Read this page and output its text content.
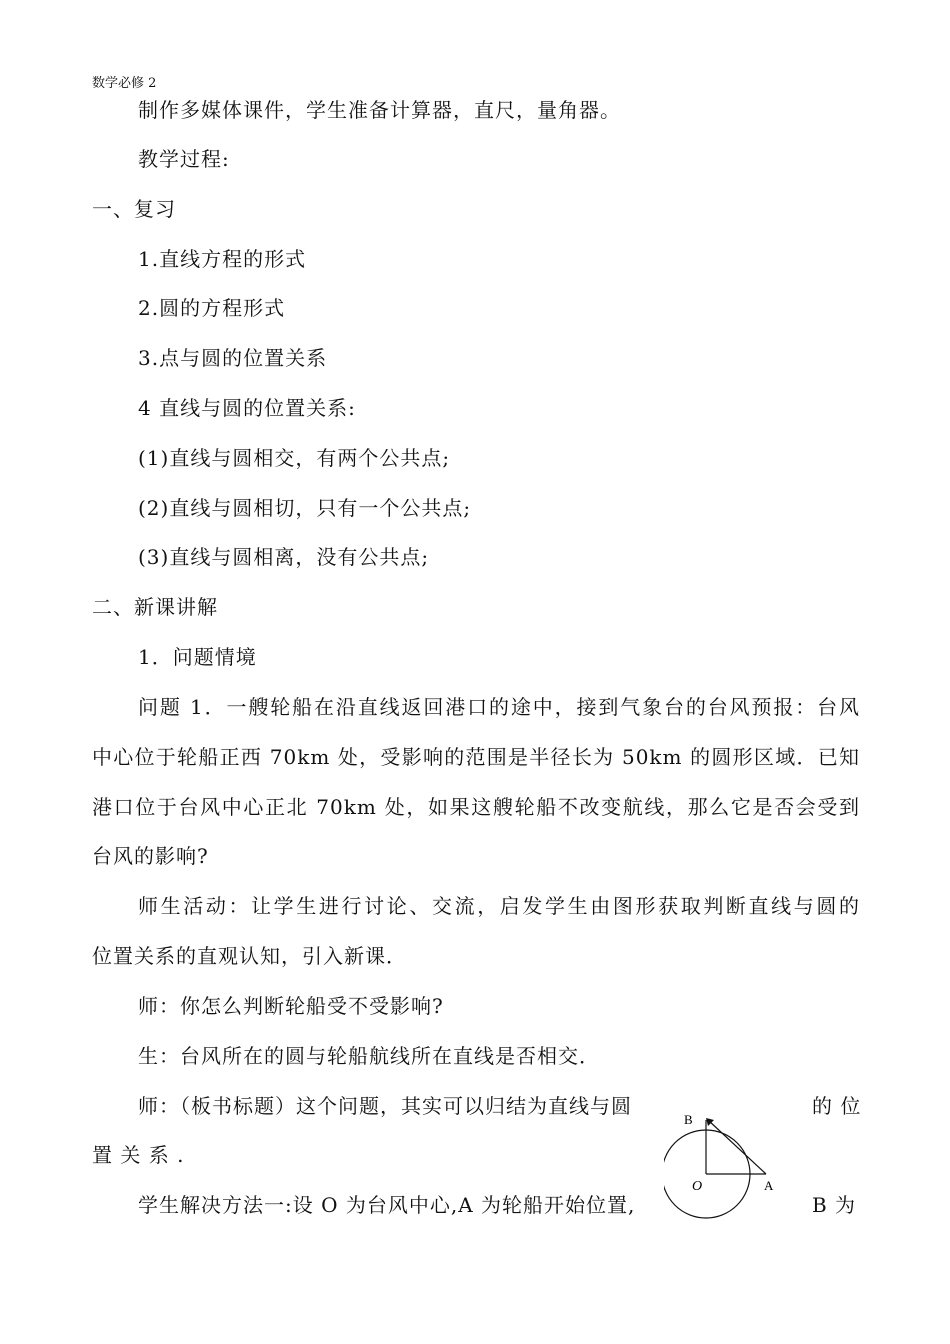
数学必修 2
制作多媒体课件，学生准备计算器，直尺，量角器。
教学过程:
一、复习
1.直线方程的形式
2.圆的方程形式
3.点与圆的位置关系
4 直线与圆的位置关系:
(1)直线与圆相交，有两个公共点;
(2)直线与圆相切，只有一个公共点;
(3)直线与圆相离，没有公共点;
二、新课讲解
1．问题情境
问题 1．一艘轮船在沿直线返回港口的途中，接到气象台的台风预报：台风
中心位于轮船正西 70km 处，受影响的范围是半径长为 50km 的圆形区域．已知
港口位于台风中心正北 70km 处，如果这艘轮船不改变航线，那么它是否会受到
台风的影响?
师生活动：让学生进行讨论、交流，启发学生由图形获取判断直线与圆的
位置关系的直观认知，引入新课．
师：你怎么判断轮船受不受影响?
生：台风所在的圆与轮船航线所在直线是否相交．
师：（板书标题）这个问题，其实可以归结为直线与圆	的 位
置 关 系 .
学生解决方法一:设 O 为台风中心,A 为轮船开始位置,	B 为
B
O	A
